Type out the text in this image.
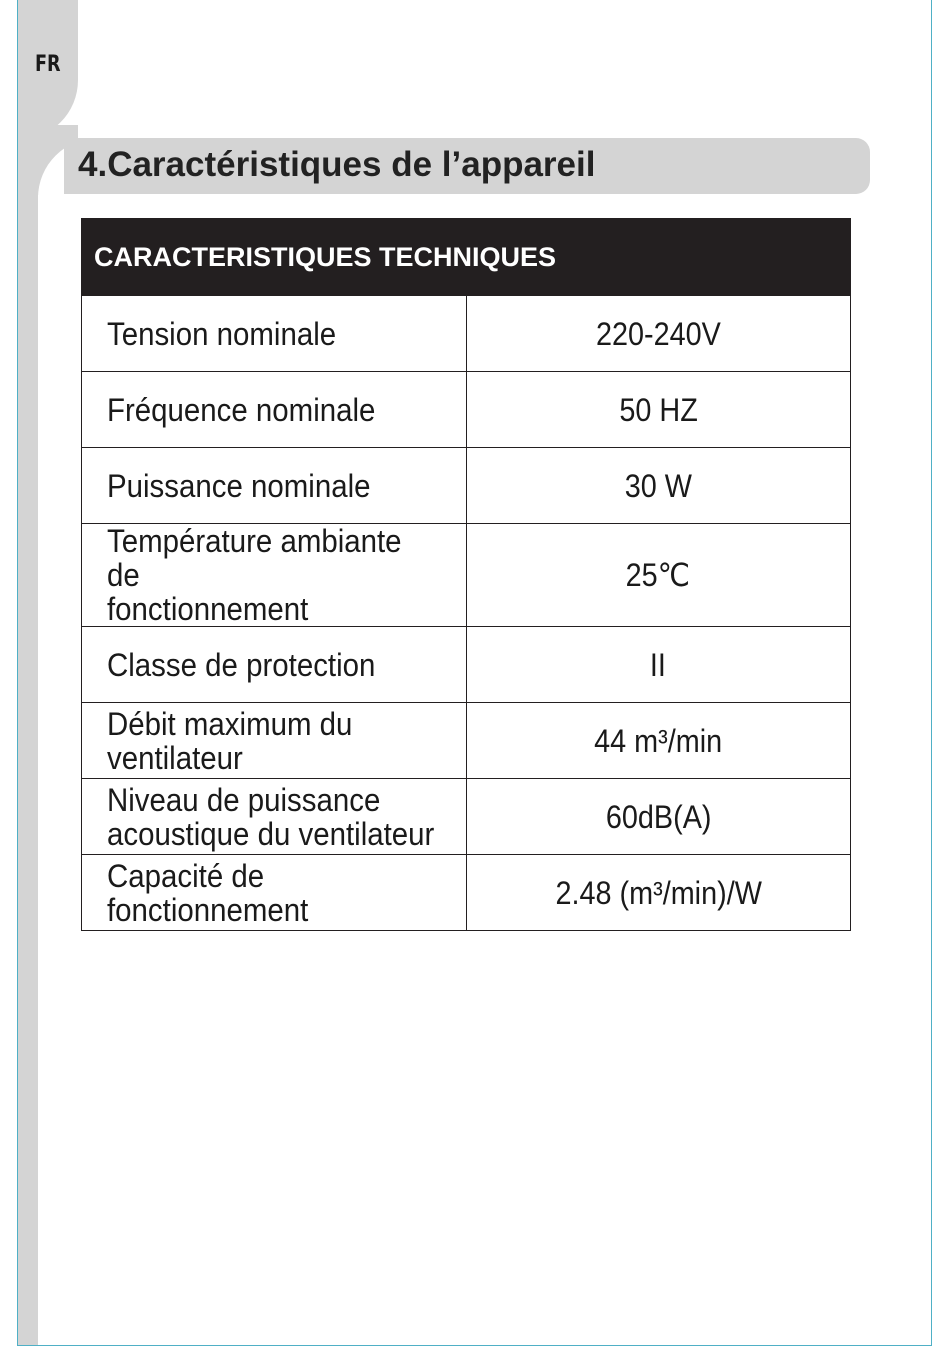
FR
4.Caractéristiques de l’appareil
CARACTERISTIQUES TECHNIQUES	
Tension nominale	220-240V
Fréquence nominale	50 HZ
Puissance nominale	30 W
Température ambiante de
fonctionnement	25℃
Classe de protection	II
Débit maximum du ventilateur	44 m³/min
Niveau de puissance
acoustique du ventilateur	60dB(A)
Capacité de fonctionnement	2.48 (m³/min)/W
